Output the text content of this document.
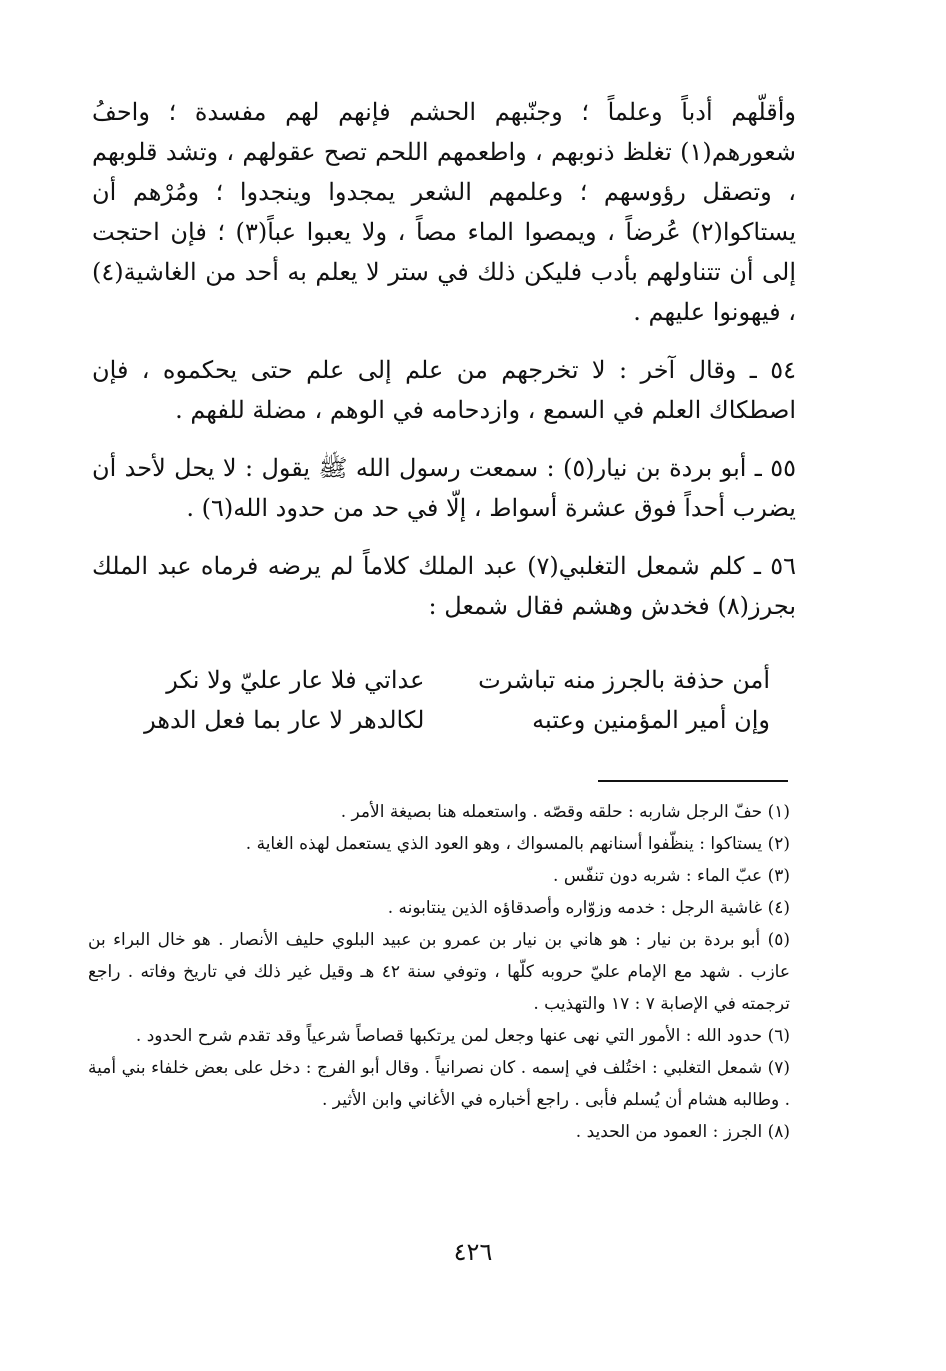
وأقلّهم أدباً وعلماً ؛ وجنّبهم الحشم فإنهم لهم مفسدة ؛ واحفُ شعورهم(١) تغلظ ذنوبهم ، واطعمهم اللحم تصح عقولهم ، وتشد قلوبهم ، وتصقل رؤوسهم ؛ وعلمهم الشعر يمجدوا وينجدوا ؛ ومُرْهم أن يستاكوا(٢) عُرضاً ، ويمصوا الماء مصاً ، ولا يعبوا عباً(٣) ؛ فإن احتجت إلى أن تتناولهم بأدب فليكن ذلك في ستر لا يعلم به أحد من الغاشية(٤) ، فيهونوا عليهم .

٥٤ ـ وقال آخر : لا تخرجهم من علم إلى علم حتى يحكموه ، فإن اصطكاك العلم في السمع ، وازدحامه في الوهم ، مضلة للفهم .

٥٥ ـ أبو بردة بن نيار(٥) : سمعت رسول الله ﷺ يقول : لا يحل لأحد أن يضرب أحداً فوق عشرة أسواط ، إلّا في حد من حدود الله(٦) .

٥٦ ـ كلم شمعل التغلبي(٧) عبد الملك كلاماً لم يرضه فرماه عبد الملك بجرز(٨) فخدش وهشم فقال شمعل :

أمن حذفة بالجرز منه تباشرت
عداتي فلا عار عليّ ولا نكر
وإن أمير المؤمنين وعتبه
لكالدهر لا عار بما فعل الدهر

(١) حفّ الرجل شاربه : حلقه وقصّه . واستعمله هنا بصيغة الأمر .

(٢) يستاكوا : ينظّفوا أسنانهم بالمسواك ، وهو العود الذي يستعمل لهذه الغاية .

(٣) عبّ الماء : شربه دون تنفّس .

(٤) غاشية الرجل : خدمه وزوّاره وأصدقاؤه الذين ينتابونه .

(٥) أبو بردة بن نيار : هو هاني بن نيار بن عمرو بن عبيد البلوي حليف الأنصار . هو خال البراء بن عازب . شهد مع الإمام عليّ حروبه كلّها ، وتوفي سنة ٤٢ هـ وقيل غير ذلك في تاريخ وفاته . راجع ترجمته في الإصابة ٧ : ١٧ والتهذيب .

(٦) حدود الله : الأمور التي نهى عنها وجعل لمن يرتكبها قصاصاً شرعياً وقد تقدم شرح الحدود .

(٧) شمعل التغلبي : اختُلف في إسمه . كان نصرانياً . وقال أبو الفرج : دخل على بعض خلفاء بني أمية . وطالبه هشام أن يُسلم فأبى . راجع أخباره في الأغاني وابن الأثير .

(٨) الجرز : العمود من الحديد .

٤٢٦
